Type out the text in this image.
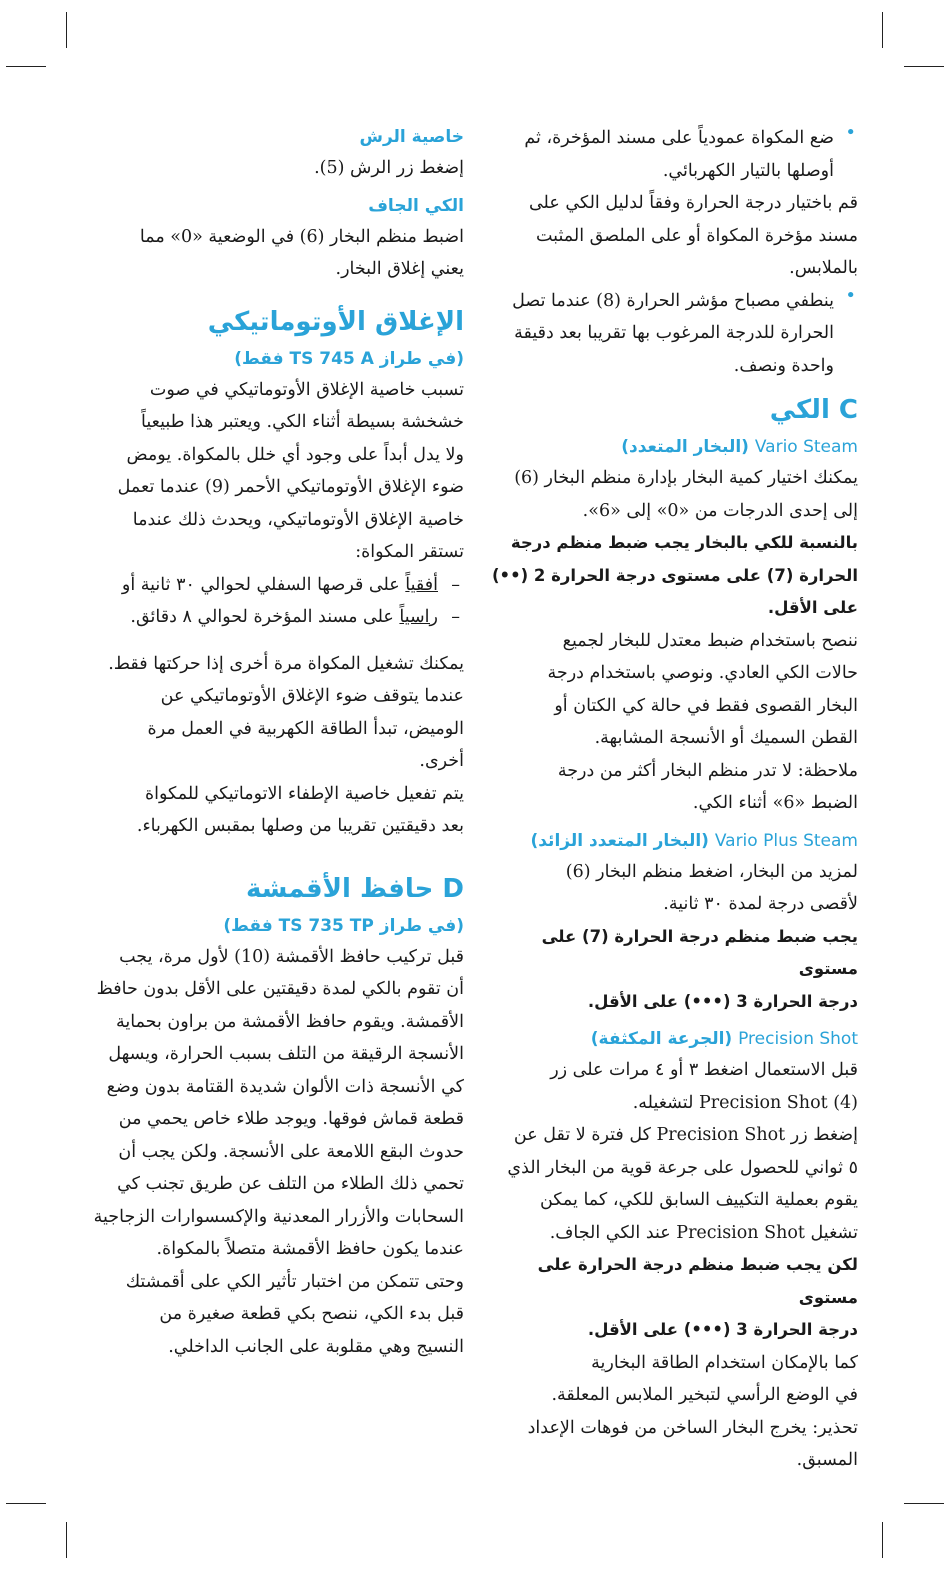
•

ضع المكواة عمودياً على مسند المؤخرة، ثم

أوصلها بالتيار الكهربائي.

قم باختيار درجة الحرارة وفقاً لدليل الكي على

مسند مؤخرة المكواة أو على الملصق المثبت

بالملابس.

•

ينطفي مصباح مؤشر الحرارة (8) عندما تصل

الحرارة للدرجة المرغوب بها تقريبا بعد دقيقة

واحدة ونصف.

C الكي

Vario Steam (البخار المتعدد)

يمكنك اختيار كمية البخار بإدارة منظم البخار (6)

إلى إحدى الدرجات من «0» إلى «6».

بالنسبة للكي بالبخار يجب ضبط منظم درجة

الحرارة (7) على مستوى درجة الحرارة 2 (••)

على الأقل.

ننصح باستخدام ضبط معتدل للبخار لجميع

حالات الكي العادي. ونوصي باستخدام درجة

البخار القصوى فقط في حالة كي الكتان أو

القطن السميك أو الأنسجة المشابهة.

ملاحظة: لا تدر منظم البخار أكثر من درجة

الضبط «6» أثناء الكي.

Vario Plus Steam (البخار المتعدد الزائد)

لمزيد من البخار، اضغط منظم البخار (6)

لأقصى درجة لمدة ٣٠ ثانية.

يجب ضبط منظم درجة الحرارة (7) على مستوى

درجة الحرارة 3 (•••) على الأقل.

Precision Shot (الجرعة المكثفة)

قبل الاستعمال اضغط ٣ أو ٤ مرات على زر

Precision Shot (4) لتشغيله.

إضغط زر Precision Shot كل فترة لا تقل عن

٥ ثواني للحصول على جرعة قوية من البخار الذي

يقوم بعملية التكييف السابق للكي، كما يمكن

تشغيل Precision Shot عند الكي الجاف.

لكن يجب ضبط منظم درجة الحرارة على مستوى

درجة الحرارة 3 (•••) على الأقل.

كما بالإمكان استخدام الطاقة البخارية

في الوضع الرأسي لتبخير الملابس المعلقة.

تحذير: يخرج البخار الساخن من فوهات الإعداد

المسبق.

خاصية الرش

إضغط زر الرش (5).

الكي الجاف

اضبط منظم البخار (6) في الوضعية «0» مما

يعني إغلاق البخار.

الإغلاق الأوتوماتيكي

(في طراز TS 745 A فقط)

تسبب خاصية الإغلاق الأوتوماتيكي في صوت

خشخشة بسيطة أثناء الكي. ويعتبر هذا طبيعياً

ولا يدل أبداً على وجود أي خلل بالمكواة. يومض

ضوء الإغلاق الأوتوماتيكي الأحمر (9) عندما تعمل

خاصية الإغلاق الأوتوماتيكي، ويحدث ذلك عندما

تستقر المكواة:

–
أفقياً على قرصها السفلي لحوالي ٣٠ ثانية أو

–
راسياً على مسند المؤخرة لحوالي ٨ دقائق.

يمكنك تشغيل المكواة مرة أخرى إذا حركتها فقط.

عندما يتوقف ضوء الإغلاق الأوتوماتيكي عن

الوميض، تبدأ الطاقة الكهربية في العمل مرة

أخرى.

يتم تفعيل خاصية الإطفاء الاتوماتيكي للمكواة

بعد دقيقتين تقريبا من وصلها بمقبس الكهرباء.

D حافظ الأقمشة

(في طراز TS 735 TP فقط)

قبل تركيب حافظ الأقمشة (10) لأول مرة، يجب

أن تقوم بالكي لمدة دقيقتين على الأقل بدون حافظ

الأقمشة. ويقوم حافظ الأقمشة من براون بحماية

الأنسجة الرقيقة من التلف بسبب الحرارة، ويسهل

كي الأنسجة ذات الألوان شديدة القتامة بدون وضع

قطعة قماش فوقها. ويوجد طلاء خاص يحمي من

حدوث البقع اللامعة على الأنسجة. ولكن يجب أن

تحمي ذلك الطلاء من التلف عن طريق تجنب كي

السحابات والأزرار المعدنية والإكسسوارات الزجاجية

عندما يكون حافظ الأقمشة متصلاً بالمكواة.

وحتى تتمكن من اختبار تأثير الكي على أقمشتك

قبل بدء الكي، ننصح بكي قطعة صغيرة من

النسيج وهي مقلوبة على الجانب الداخلي.
